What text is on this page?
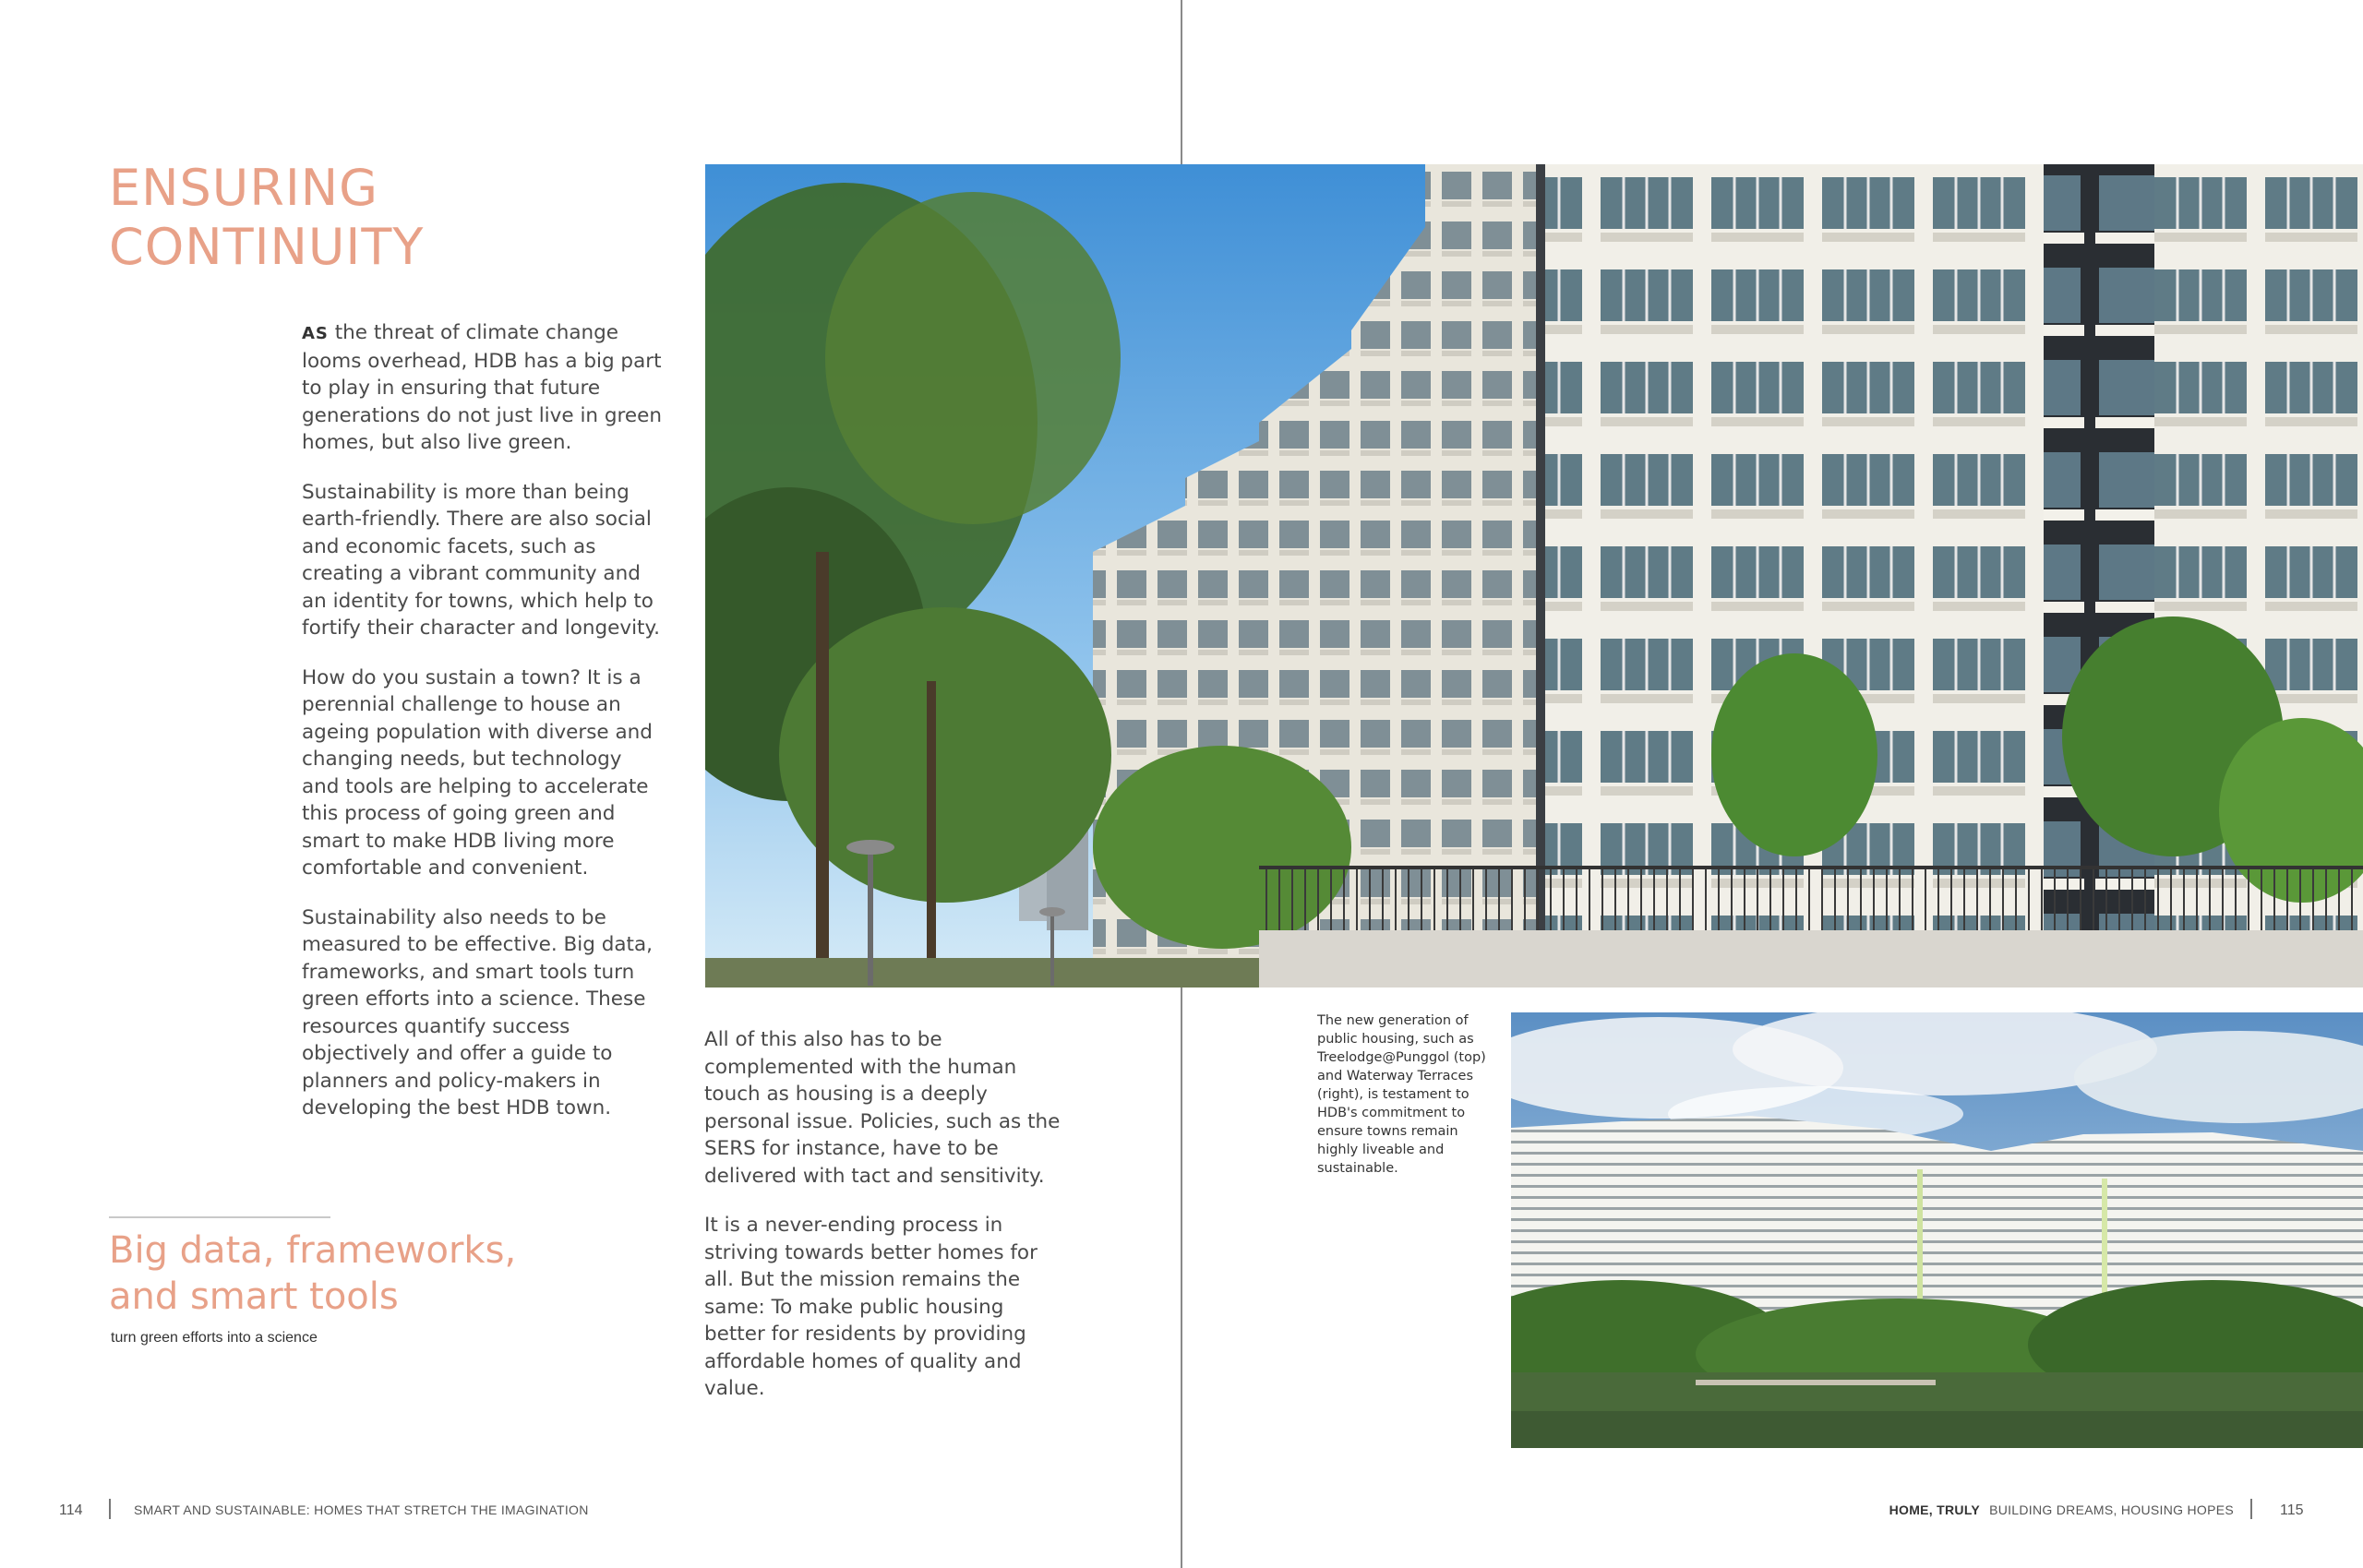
ENSURING
CONTINUITY

AS the threat of climate change looms overhead, HDB has a big part to play in ensuring that future generations do not just live in green homes, but also live green.

Sustainability is more than being earth-friendly. There are also social and economic facets, such as creating a vibrant community and an identity for towns, which help to fortify their character and longevity.

How do you sustain a town? It is a perennial challenge to house an ageing population with diverse and changing needs, but technology and tools are helping to accelerate this process of going green and smart to make HDB living more comfortable and convenient.

Sustainability also needs to be measured to be effective. Big data, frameworks, and smart tools turn green efforts into a science. These resources quantify success objectively and offer a guide to planners and policy-makers in developing the best HDB town.

Big data, frameworks,
and smart tools
turn green efforts into a science
The new generation of public housing, such as Treelodge@Punggol (top) and Waterway Terraces (right), is testament to HDB's commitment to ensure towns remain highly liveable and sustainable.
114	SMART AND SUSTAINABLE: HOMES THAT STRETCH THE IMAGINATION	HOME, TRULY BUILDING DREAMS, HOUSING HOPES	115

All of this also has to be complemented with the human touch as housing is a deeply personal issue. Policies, such as the SERS for instance, have to be delivered with tact and sensitivity.

It is a never-ending process in striving towards better homes for all. But the mission remains the same: To make public housing better for residents by providing affordable homes of quality and value.
